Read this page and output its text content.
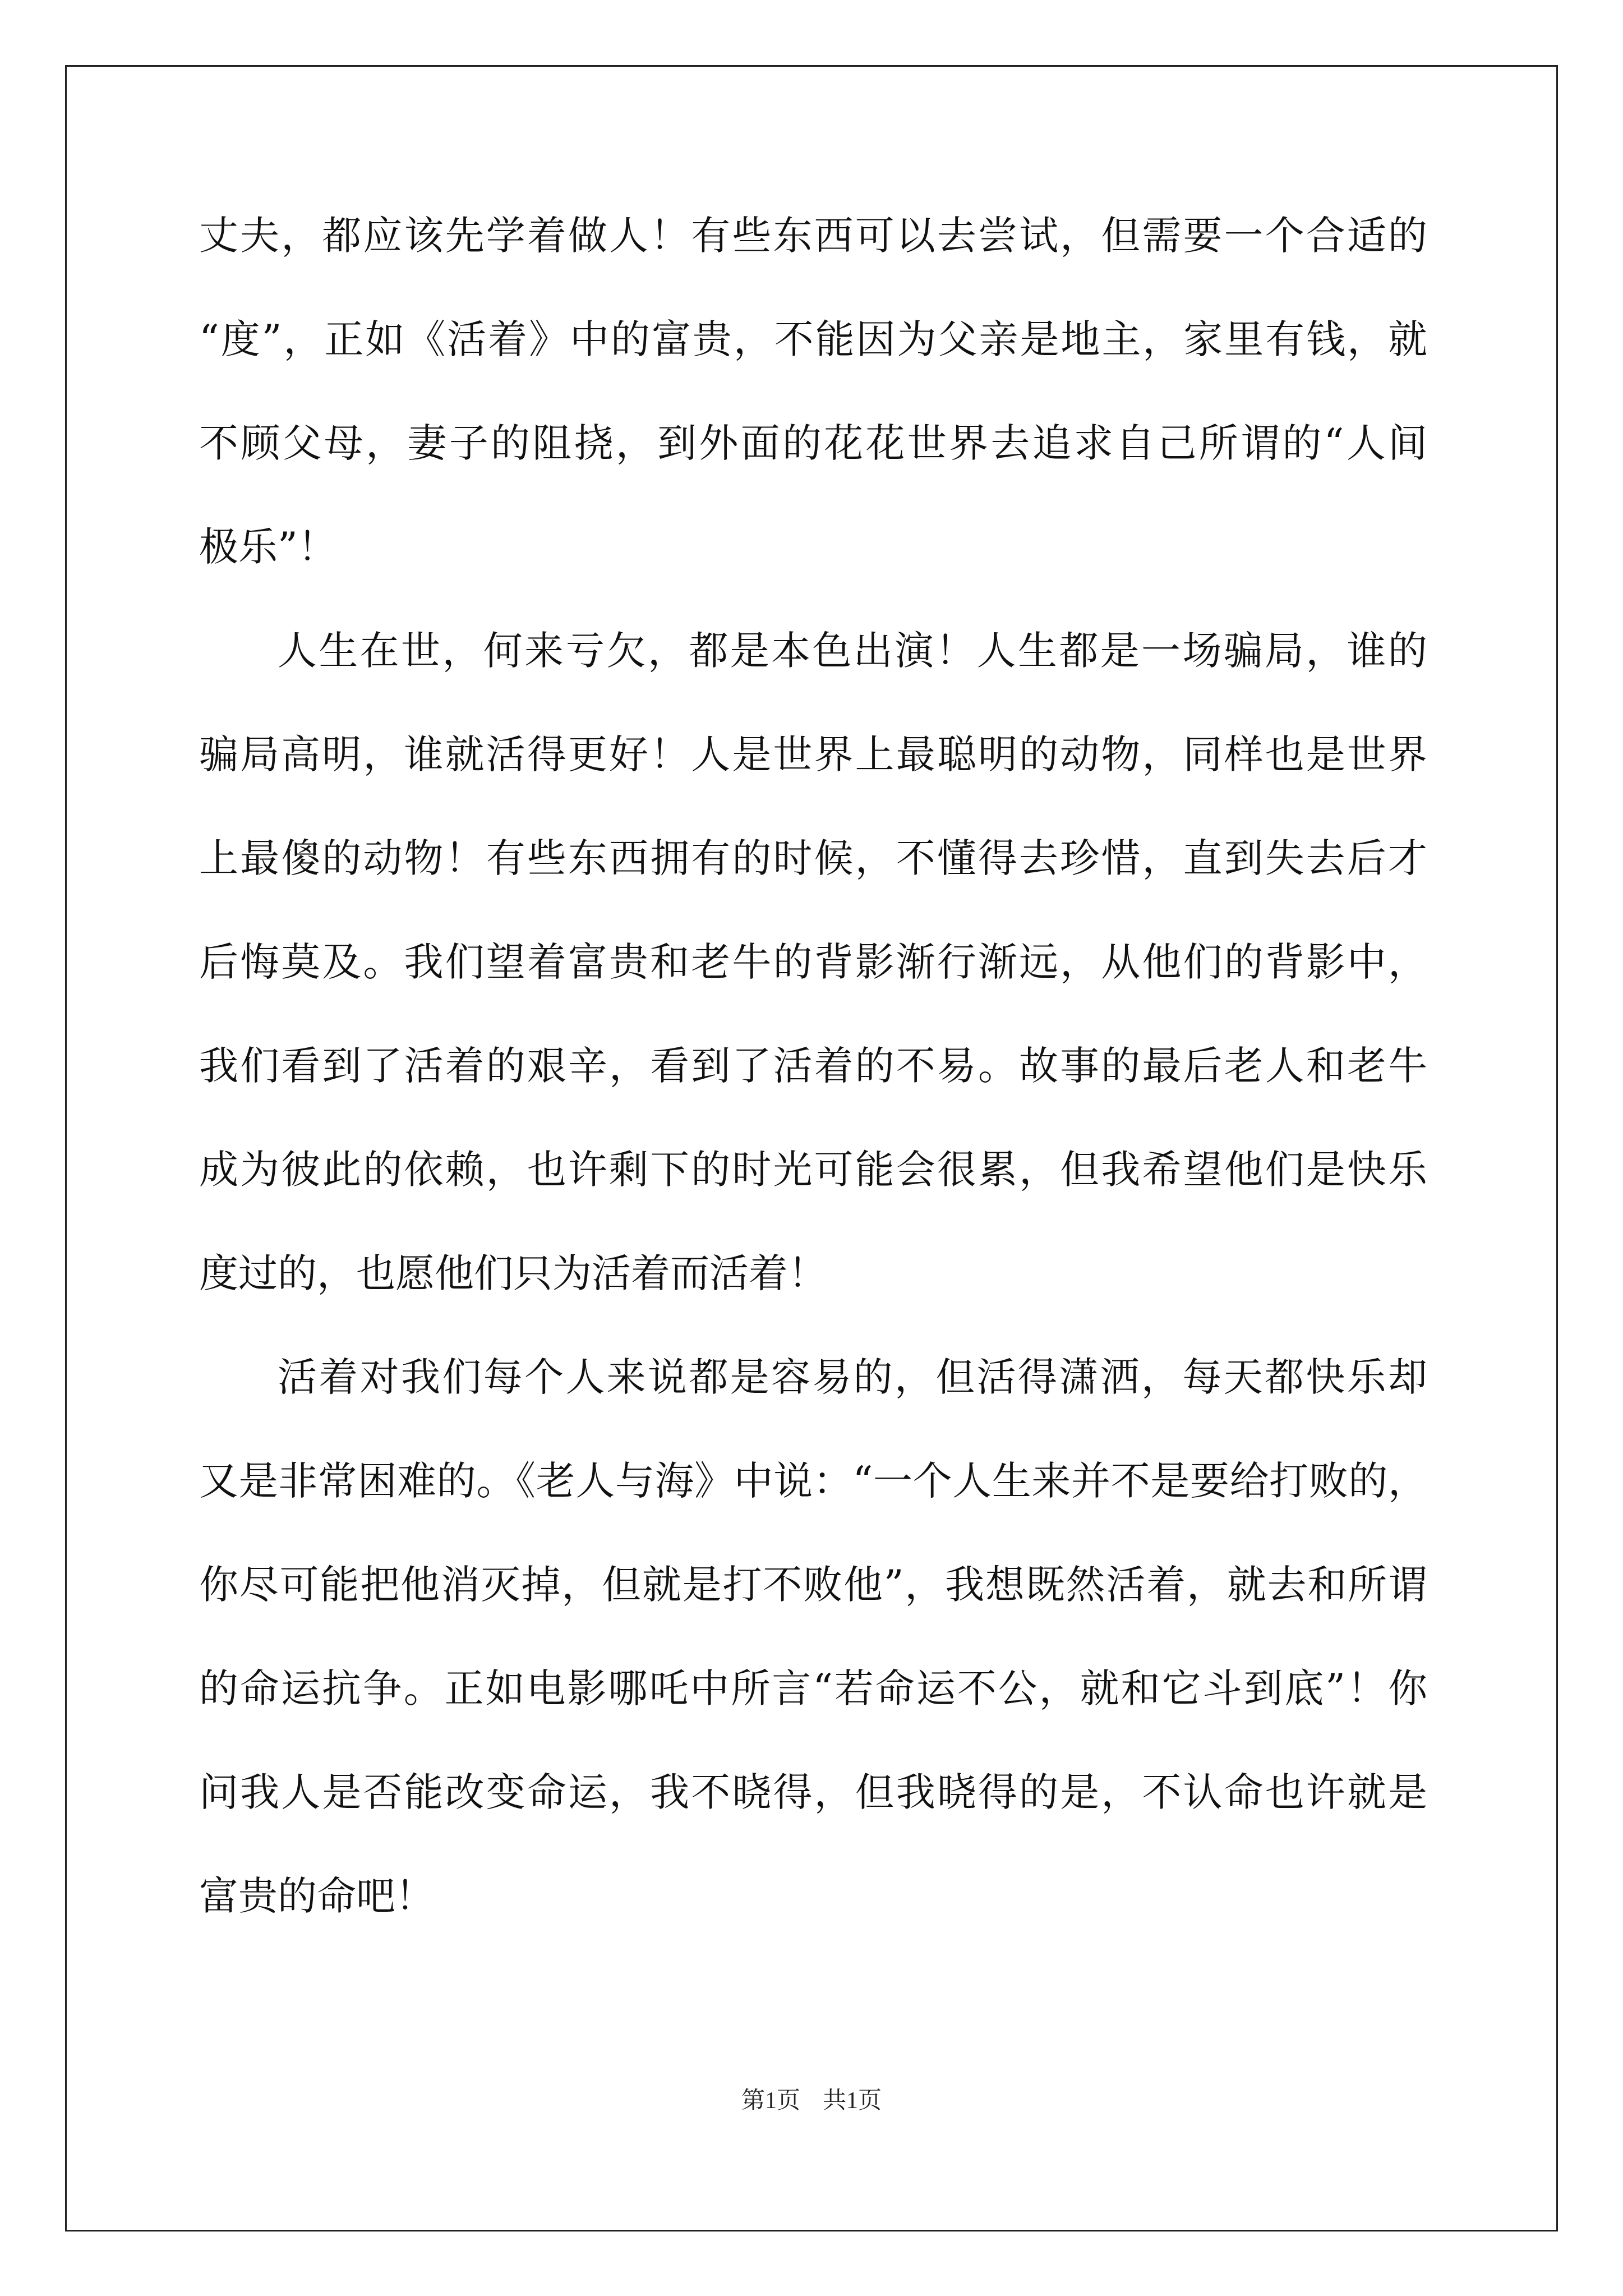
丈夫，都应该先学着做人！有些东西可以去尝试，但需要一个合适的
“度”，正如《活着》中的富贵，不能因为父亲是地主，家里有钱，就
不顾父母，妻子的阻挠，到外面的花花世界去追求自己所谓的“人间
极乐”！
人生在世，何来亏欠，都是本色出演！人生都是一场骗局，谁的
骗局高明，谁就活得更好！人是世界上最聪明的动物，同样也是世界
上最傻的动物！有些东西拥有的时候，不懂得去珍惜，直到失去后才
后悔莫及。我们望着富贵和老牛的背影渐行渐远，从他们的背影中，
我们看到了活着的艰辛，看到了活着的不易。故事的最后老人和老牛
成为彼此的依赖，也许剩下的时光可能会很累，但我希望他们是快乐
度过的，也愿他们只为活着而活着！
活着对我们每个人来说都是容易的，但活得潇洒，每天都快乐却
又是非常困难的。《老人与海》中说：“一个人生来并不是要给打败的，
你尽可能把他消灭掉，但就是打不败他”，我想既然活着，就去和所谓
的命运抗争。正如电影哪吒中所言“若命运不公，就和它斗到底”！你
问我人是否能改变命运，我不晓得，但我晓得的是，不认命也许就是
富贵的命吧！
第1页 共1页
